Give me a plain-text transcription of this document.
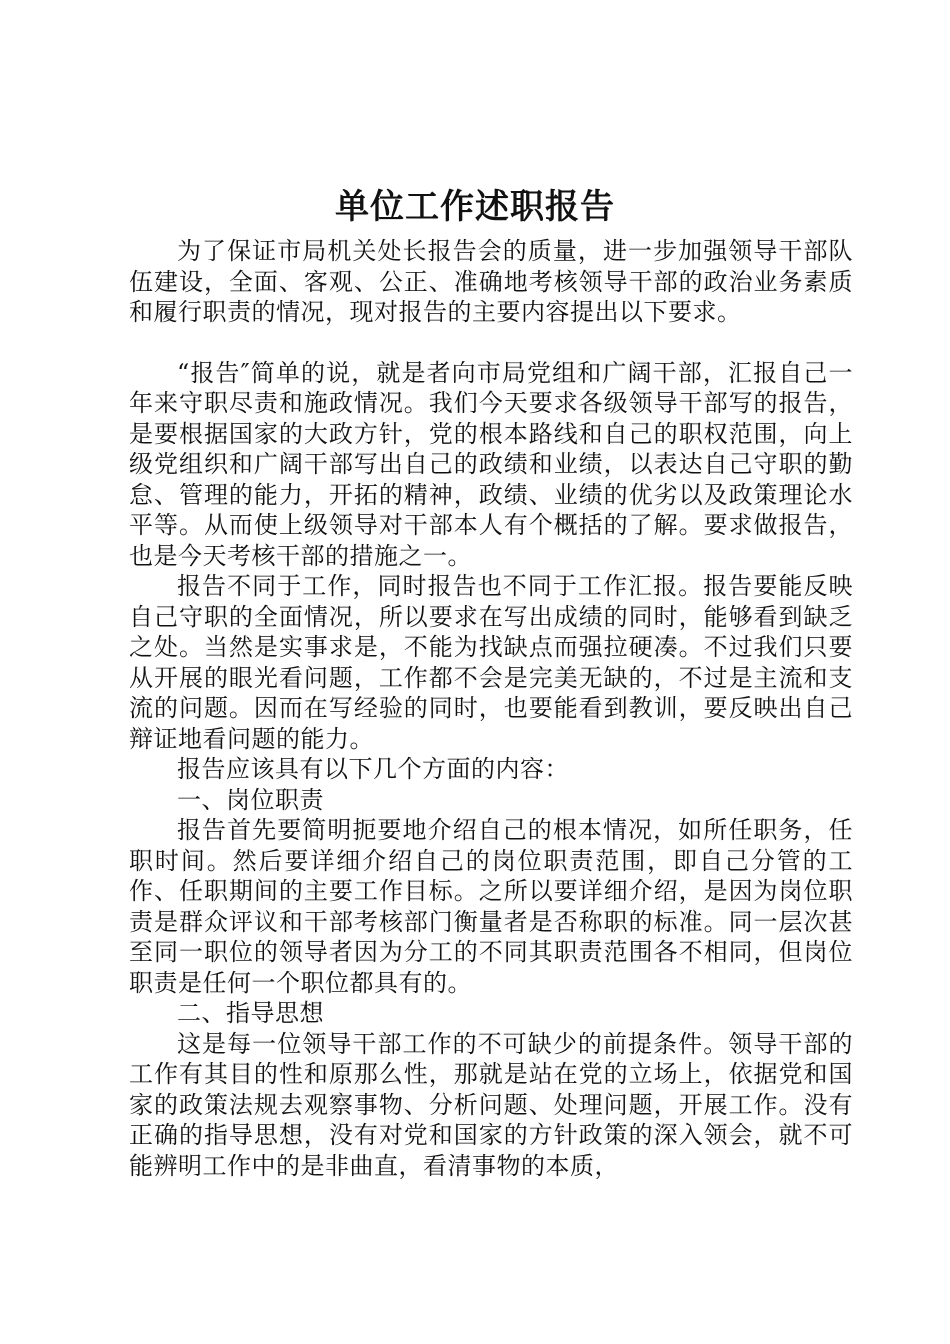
单位工作述职报告

为了保证市局机关处长报告会的质量，进一步加强领导干部队伍建设，全面、客观、公正、准确地考核领导干部的政治业务素质和履行职责的情况，现对报告的主要内容提出以下要求。

“报告″简单的说，就是者向市局党组和广阔干部，汇报自己一年来守职尽责和施政情况。我们今天要求各级领导干部写的报告，是要根据国家的大政方针，党的根本路线和自己的职权范围，向上级党组织和广阔干部写出自己的政绩和业绩，以表达自己守职的勤怠、管理的能力，开拓的精神，政绩、业绩的优劣以及政策理论水平等。从而使上级领导对干部本人有个概括的了解。要求做报告，也是今天考核干部的措施之一。

报告不同于工作，同时报告也不同于工作汇报。报告要能反映自己守职的全面情况，所以要求在写出成绩的同时，能够看到缺乏之处。当然是实事求是，不能为找缺点而强拉硬凑。不过我们只要从开展的眼光看问题，工作都不会是完美无缺的，不过是主流和支流的问题。因而在写经验的同时，也要能看到教训，要反映出自己辩证地看问题的能力。

报告应该具有以下几个方面的内容：

一、岗位职责

报告首先要简明扼要地介绍自己的根本情况，如所任职务，任职时间。然后要详细介绍自己的岗位职责范围，即自己分管的工作、任职期间的主要工作目标。之所以要详细介绍，是因为岗位职责是群众评议和干部考核部门衡量者是否称职的标准。同一层次甚至同一职位的领导者因为分工的不同其职责范围各不相同，但岗位职责是任何一个职位都具有的。

二、指导思想

这是每一位领导干部工作的不可缺少的前提条件。领导干部的工作有其目的性和原那么性，那就是站在党的立场上，依据党和国家的政策法规去观察事物、分析问题、处理问题，开展工作。没有正确的指导思想，没有对党和国家的方针政策的深入领会，就不可能辨明工作中的是非曲直，看清事物的本质，
